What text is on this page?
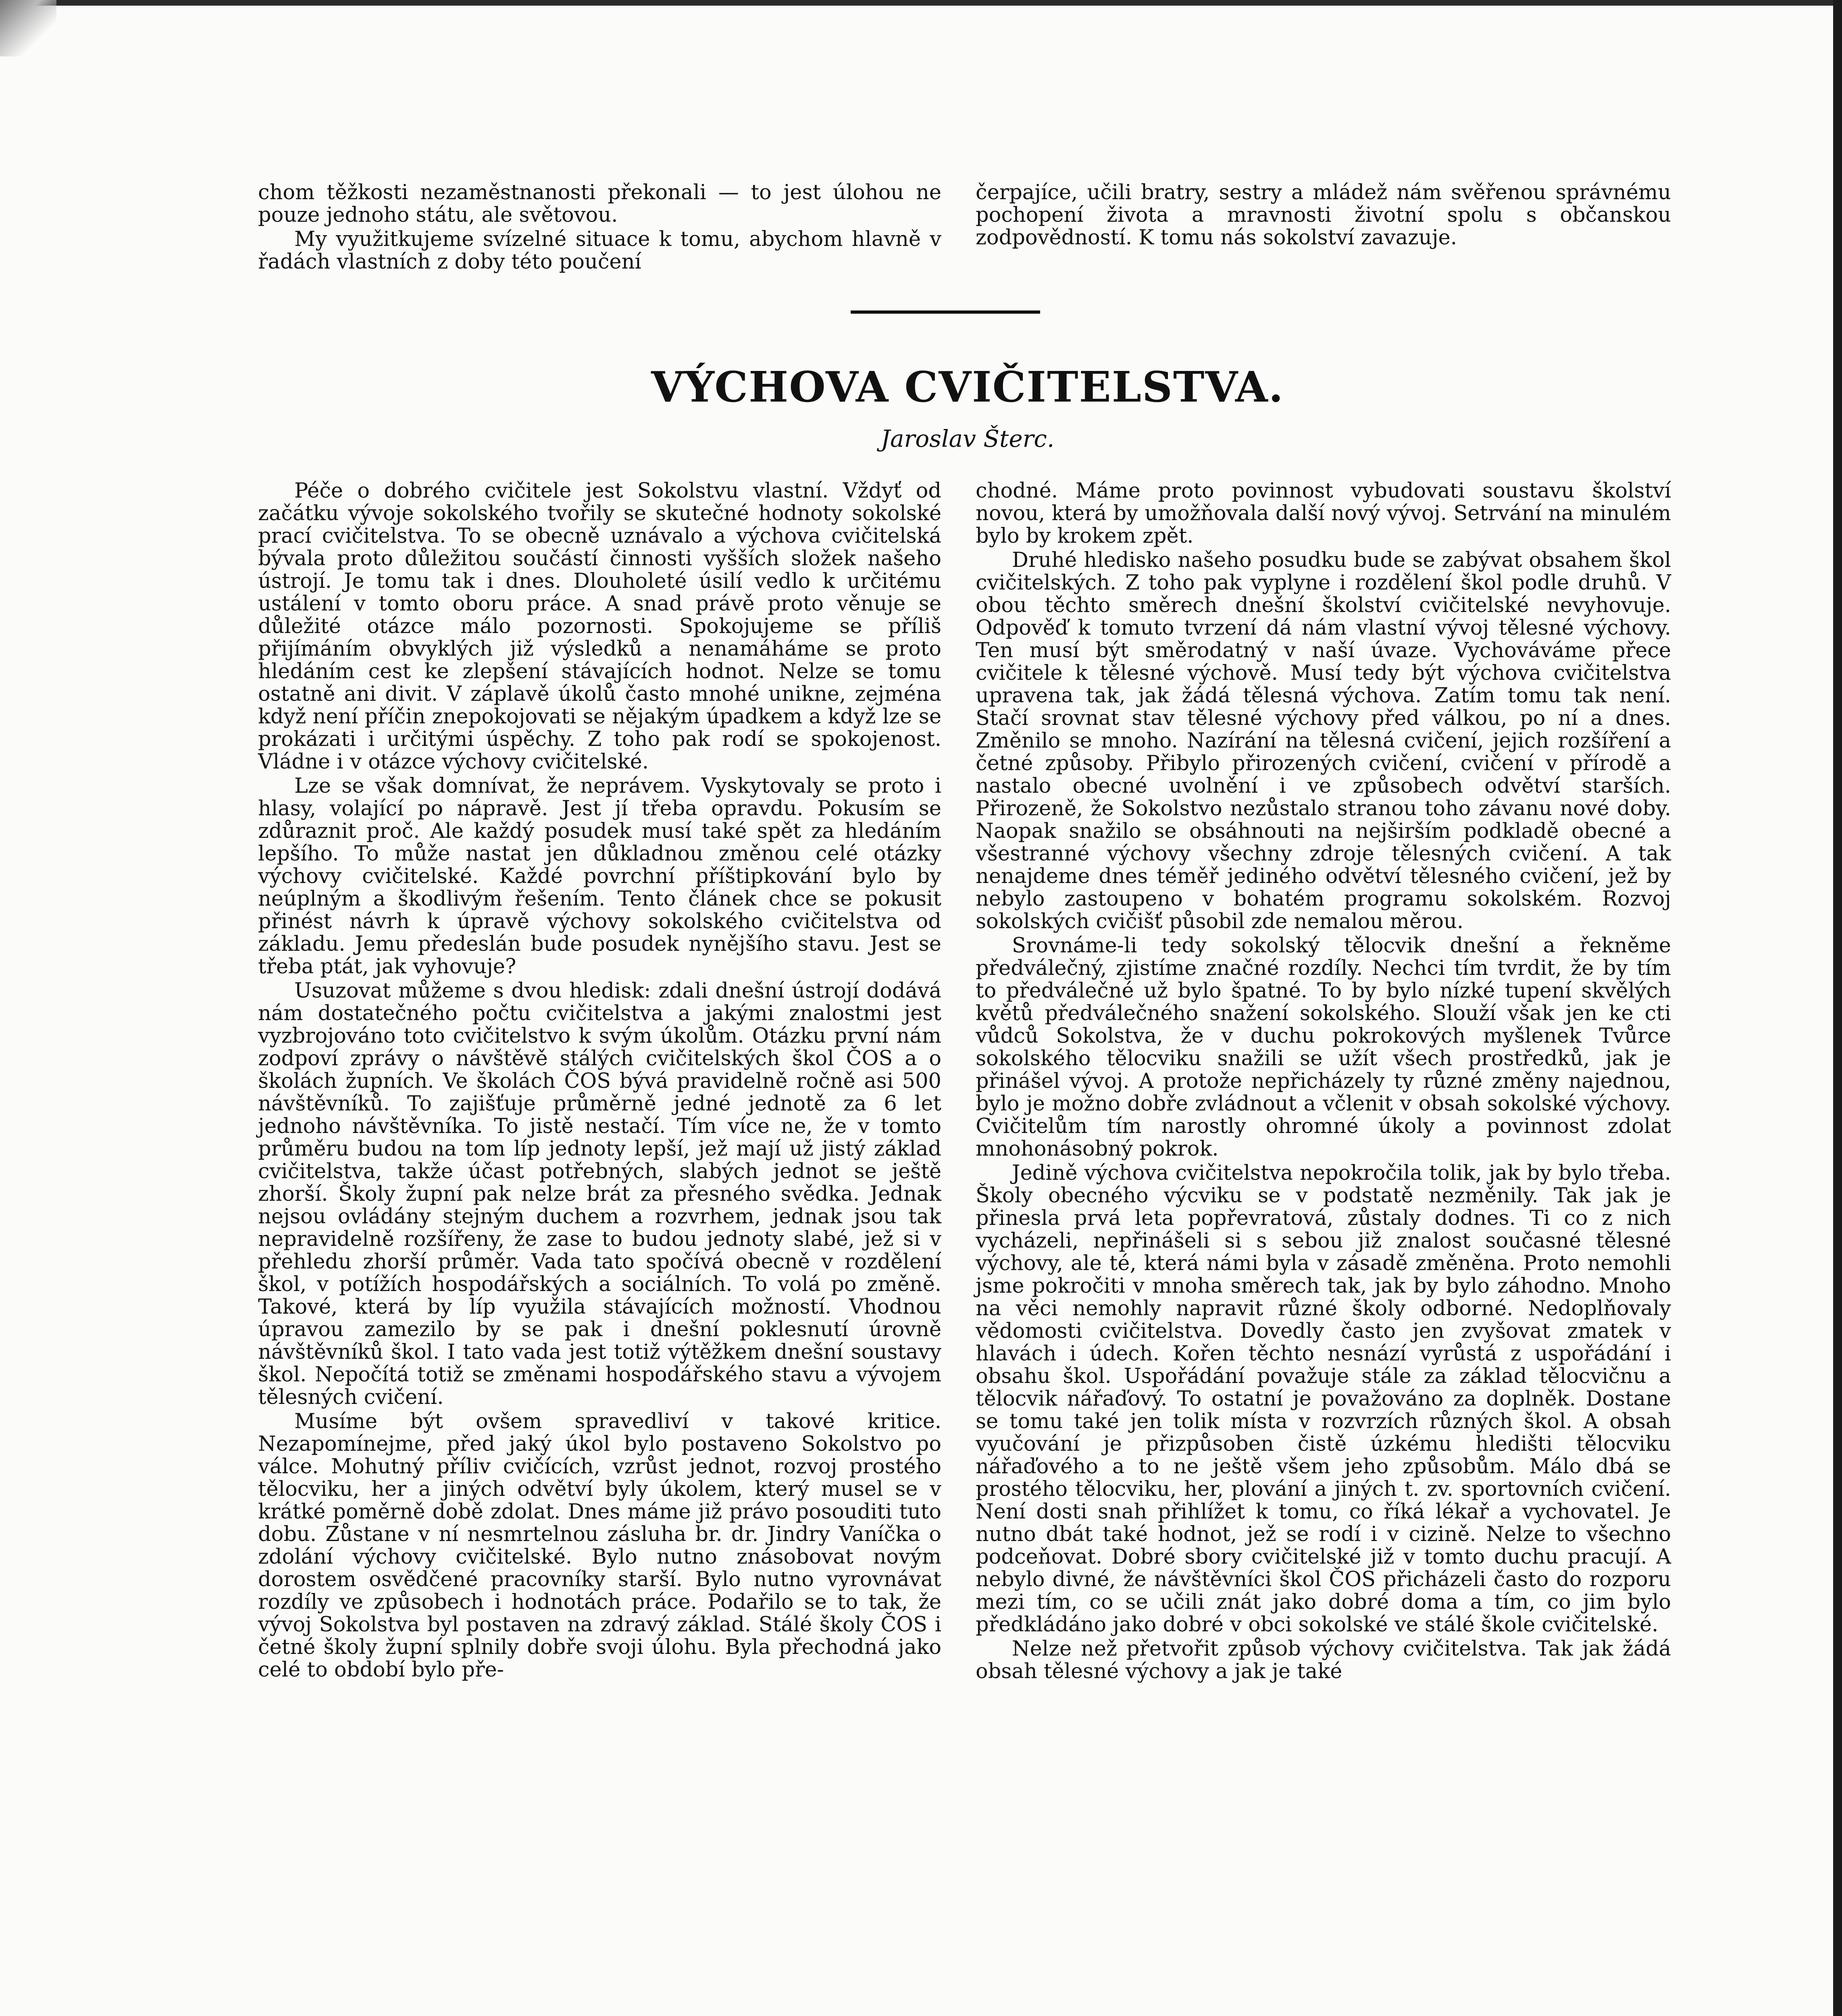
chom těžkosti nezaměstnanosti překonali — to jest úlohou ne pouze jednoho státu, ale světovou.

My využitkujeme svízelné situace k tomu, abychom hlavně v řadách vlastních z doby této poučení

čerpajíce, učili bratry, sestry a mládež nám svěřenou správnému pochopení života a mravnosti životní spolu s občanskou zodpovědností. K tomu nás sokolství zavazuje.

VÝCHOVA CVIČITELSTVA.
Jaroslav Šterc.

Péče o dobrého cvičitele jest Sokolstvu vlastní. Vždyť od začátku vývoje sokolského tvořily se skutečné hodnoty sokolské prací cvičitelstva. To se obecně uznávalo a výchova cvičitelská bývala proto důležitou součástí činnosti vyšších složek našeho ústrojí. Je tomu tak i dnes. Dlouholeté úsilí vedlo k určitému ustálení v tomto oboru práce. A snad právě proto věnuje se důležité otázce málo pozornosti. Spokojujeme se příliš přijímáním obvyklých již výsledků a nenamáháme se proto hledáním cest ke zlepšení stávajících hodnot. Nelze se tomu ostatně ani divit. V záplavě úkolů často mnohé unikne, zejména když není příčin znepokojovati se nějakým úpadkem a když lze se prokázati i určitými úspěchy. Z toho pak rodí se spokojenost. Vládne i v otázce výchovy cvičitelské.

Lze se však domnívat, že neprávem. Vyskytovaly se proto i hlasy, volající po nápravě. Jest jí třeba opravdu. Pokusím se zdůraznit proč. Ale každý posudek musí také spět za hledáním lepšího. To může nastat jen důkladnou změnou celé otázky výchovy cvičitelské. Každé povrchní příštipkování bylo by neúplným a škodlivým řešením. Tento článek chce se pokusit přinést návrh k úpravě výchovy sokolského cvičitelstva od základu. Jemu předeslán bude posudek nynějšího stavu. Jest se třeba ptát, jak vyhovuje?

Usuzovat můžeme s dvou hledisk: zdali dnešní ústrojí dodává nám dostatečného počtu cvičitelstva a jakými znalostmi jest vyzbrojováno toto cvičitelstvo k svým úkolům. Otázku první nám zodpoví zprávy o návštěvě stálých cvičitelských škol ČOS a o školách župních. Ve školách ČOS bývá pravidelně ročně asi 500 návštěvníků. To zajišťuje průměrně jedné jednotě za 6 let jednoho návštěvníka. To jistě nestačí. Tím více ne, že v tomto průměru budou na tom líp jednoty lepší, jež mají už jistý základ cvičitelstva, takže účast potřebných, slabých jednot se ještě zhorší. Školy župní pak nelze brát za přesného svědka. Jednak nejsou ovládány stejným duchem a rozvrhem, jednak jsou tak nepravidelně rozšířeny, že zase to budou jednoty slabé, jež si v přehledu zhorší průměr. Vada tato spočívá obecně v rozdělení škol, v potížích hospodářských a sociálních. To volá po změně. Takové, která by líp využila stávajících možností. Vhodnou úpravou zamezilo by se pak i dnešní poklesnutí úrovně návštěvníků škol. I tato vada jest totiž výtěžkem dnešní soustavy škol. Nepočítá totiž se změnami hospodářského stavu a vývojem tělesných cvičení.

Musíme být ovšem spravedliví v takové kritice. Nezapomínejme, před jaký úkol bylo postaveno Sokolstvo po válce. Mohutný příliv cvičících, vzrůst jednot, rozvoj prostého tělocviku, her a jiných odvětví byly úkolem, který musel se v krátké poměrně době zdolat. Dnes máme již právo posouditi tuto dobu. Zůstane v ní nesmrtelnou zásluha br. dr. Jindry Vaníčka o zdolání výchovy cvičitelské. Bylo nutno znásobovat novým dorostem osvědčené pracovníky starší. Bylo nutno vyrovnávat rozdíly ve způsobech i hodnotách práce. Podařilo se to tak, že vývoj Sokolstva byl postaven na zdravý základ. Stálé školy ČOS i četné školy župní splnily dobře svoji úlohu. Byla přechodná jako celé to období bylo pře-

chodné. Máme proto povinnost vybudovati soustavu školství novou, která by umožňovala další nový vývoj. Setrvání na minulém bylo by krokem zpět.

Druhé hledisko našeho posudku bude se zabývat obsahem škol cvičitelských. Z toho pak vyplyne i rozdělení škol podle druhů. V obou těchto směrech dnešní školství cvičitelské nevyhovuje. Odpověď k tomuto tvrzení dá nám vlastní vývoj tělesné výchovy. Ten musí být směrodatný v naší úvaze. Vychováváme přece cvičitele k tělesné výchově. Musí tedy být výchova cvičitelstva upravena tak, jak žádá tělesná výchova. Zatím tomu tak není. Stačí srovnat stav tělesné výchovy před válkou, po ní a dnes. Změnilo se mnoho. Nazírání na tělesná cvičení, jejich rozšíření a četné způsoby. Přibylo přirozených cvičení, cvičení v přírodě a nastalo obecné uvolnění i ve způsobech odvětví starších. Přirozeně, že Sokolstvo nezůstalo stranou toho závanu nové doby. Naopak snažilo se obsáhnouti na nejširším podkladě obecné a všestranné výchovy všechny zdroje tělesných cvičení. A tak nenajdeme dnes téměř jediného odvětví tělesného cvičení, jež by nebylo zastoupeno v bohatém programu sokolském. Rozvoj sokolských cvičišť působil zde nemalou měrou.

Srovnáme-li tedy sokolský tělocvik dnešní a řekněme předválečný, zjistíme značné rozdíly. Nechci tím tvrdit, že by tím to předválečné už bylo špatné. To by bylo nízké tupení skvělých květů předválečného snažení sokolského. Slouží však jen ke cti vůdců Sokolstva, že v duchu pokrokových myšlenek Tvůrce sokolského tělocviku snažili se užít všech prostředků, jak je přinášel vývoj. A protože nepřicházely ty různé změny najednou, bylo je možno dobře zvládnout a včlenit v obsah sokolské výchovy. Cvičitelům tím narostly ohromné úkoly a povinnost zdolat mnohonásobný pokrok.

Jedině výchova cvičitelstva nepokročila tolik, jak by bylo třeba. Školy obecného výcviku se v podstatě nezměnily. Tak jak je přinesla prvá leta popřevratová, zůstaly dodnes. Ti co z nich vycházeli, nepřinášeli si s sebou již znalost současné tělesné výchovy, ale té, která námi byla v zásadě změněna. Proto nemohli jsme pokročiti v mnoha směrech tak, jak by bylo záhodno. Mnoho na věci nemohly napravit různé školy odborné. Nedoplňovaly vědomosti cvičitelstva. Dovedly často jen zvyšovat zmatek v hlavách i údech. Kořen těchto nesnází vyrůstá z uspořádání i obsahu škol. Uspořádání považuje stále za základ tělocvičnu a tělocvik nářaďový. To ostatní je považováno za doplněk. Dostane se tomu také jen tolik místa v rozvrzích různých škol. A obsah vyučování je přizpůsoben čistě úzkému hledišti tělocviku nářaďového a to ne ještě všem jeho způsobům. Málo dbá se prostého tělocviku, her, plování a jiných t. zv. sportovních cvičení. Není dosti snah přihlížet k tomu, co říká lékař a vychovatel. Je nutno dbát také hodnot, jež se rodí i v cizině. Nelze to všechno podceňovat. Dobré sbory cvičitelské již v tomto duchu pracují. A nebylo divné, že návštěvníci škol ČOS přicházeli často do rozporu mezi tím, co se učili znát jako dobré doma a tím, co jim bylo předkládáno jako dobré v obci sokolské ve stálé škole cvičitelské.

Nelze než přetvořit způsob výchovy cvičitelstva. Tak jak žádá obsah tělesné výchovy a jak je také
